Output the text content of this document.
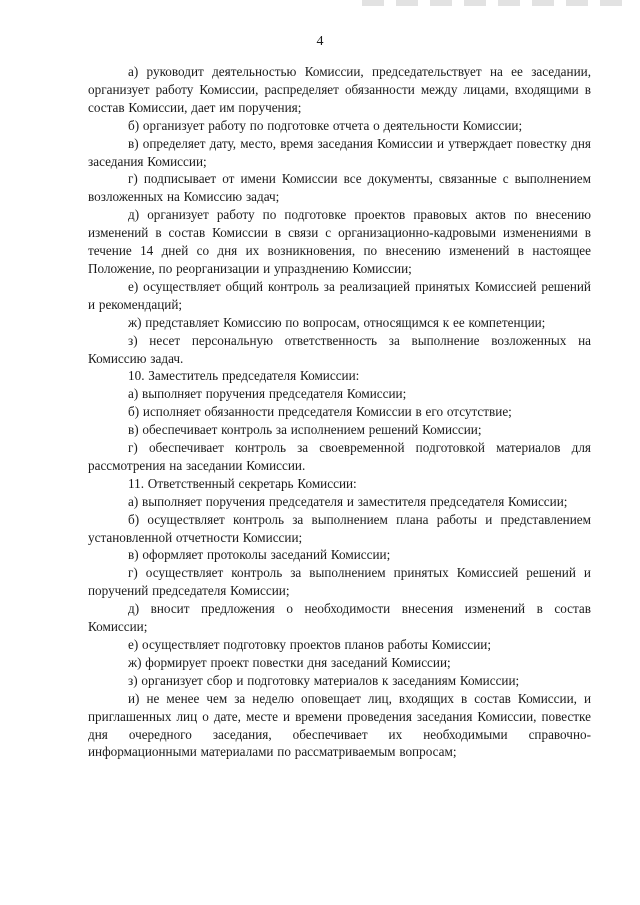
4

а) руководит деятельностью Комиссии, председательствует на ее заседании, организует работу Комиссии, распределяет обязанности между лицами, входящими в состав Комиссии, дает им поручения;

б) организует работу по подготовке отчета о деятельности Комиссии;

в) определяет дату, место, время заседания Комиссии и утверждает повестку дня заседания Комиссии;

г) подписывает от имени Комиссии все документы, связанные с выполнением возложенных на Комиссию задач;

д) организует работу по подготовке проектов правовых актов по внесению изменений в состав Комиссии в связи с организационно-кадровыми изменениями в течение 14 дней со дня их возникновения, по внесению изменений в настоящее Положение, по реорганизации и упразднению Комиссии;

е) осуществляет общий контроль за реализацией принятых Комиссией решений и рекомендаций;

ж) представляет Комиссию по вопросам, относящимся к ее компетенции;

з) несет персональную ответственность за выполнение возложенных на Комиссию задач.

10. Заместитель председателя Комиссии:

а) выполняет поручения председателя Комиссии;

б) исполняет обязанности председателя Комиссии в его отсутствие;

в) обеспечивает контроль за исполнением решений Комиссии;

г) обеспечивает контроль за своевременной подготовкой материалов для рассмотрения на заседании Комиссии.

11. Ответственный секретарь Комиссии:

а) выполняет поручения председателя и заместителя председателя Комиссии;

б) осуществляет контроль за выполнением плана работы и представлением установленной отчетности Комиссии;

в) оформляет протоколы заседаний Комиссии;

г) осуществляет контроль за выполнением принятых Комиссией решений и поручений председателя Комиссии;

д) вносит предложения о необходимости внесения изменений в состав Комиссии;

е) осуществляет подготовку проектов планов работы Комиссии;

ж) формирует проект повестки дня заседаний Комиссии;

з) организует сбор и подготовку материалов к заседаниям Комиссии;

и) не менее чем за неделю оповещает лиц, входящих в состав Комиссии, и приглашенных лиц о дате, месте и времени проведения заседания Комиссии, повестке дня очередного заседания, обеспечивает их необходимыми справочно-информационными материалами по рассматриваемым вопросам;
